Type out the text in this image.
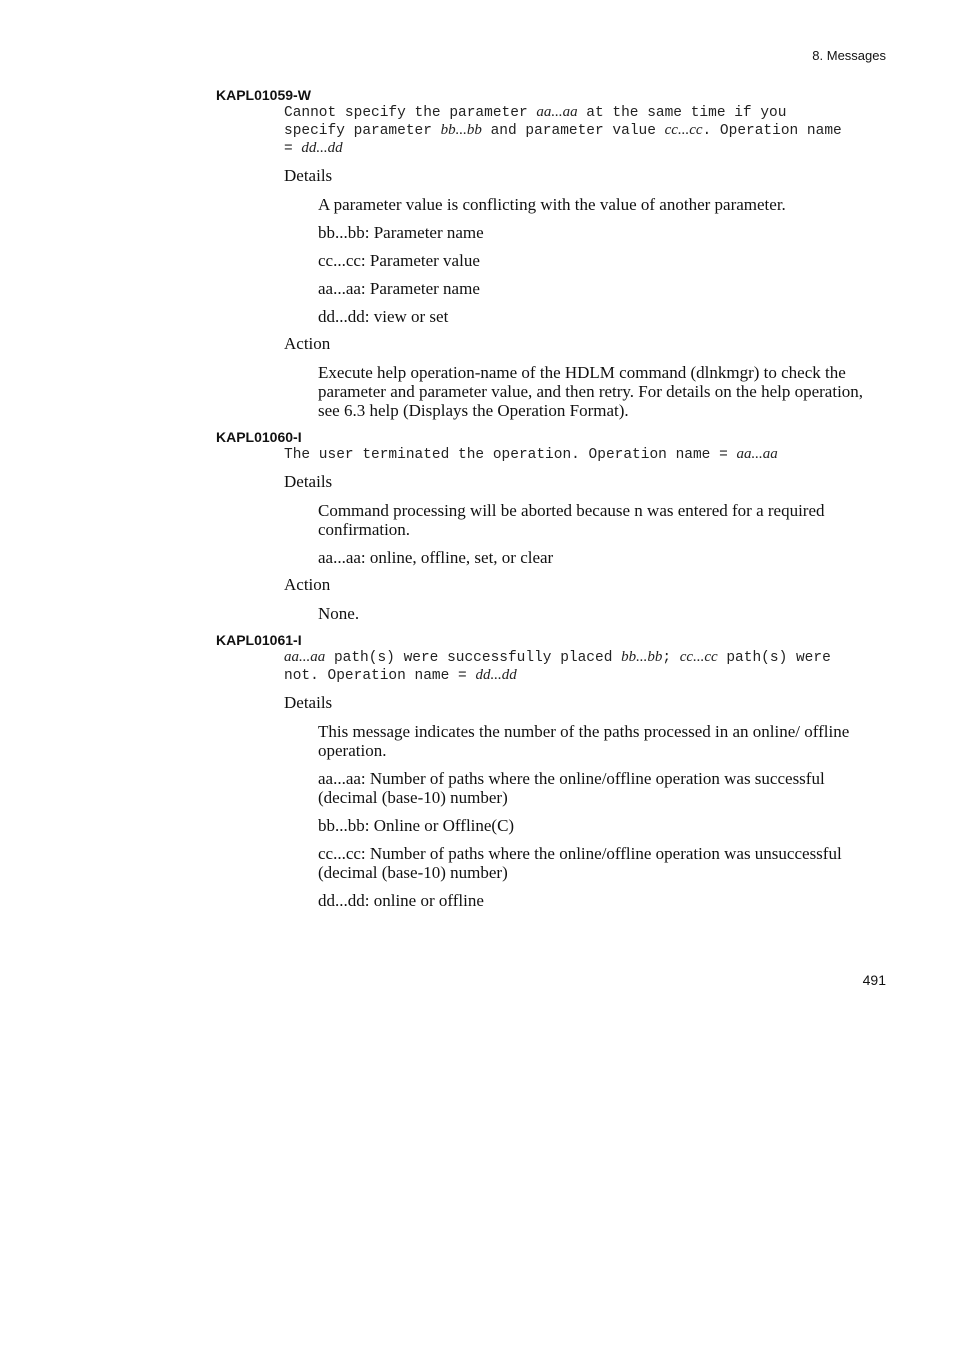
8. Messages
KAPL01059-W
Cannot specify the parameter aa...aa at the same time if you
specify parameter bb...bb and parameter value cc...cc. Operation name
= dd...dd
Details
A parameter value is conflicting with the value of another parameter.
bb...bb: Parameter name
cc...cc: Parameter value
aa...aa: Parameter name
dd...dd: view or set
Action
Execute help operation-name of the HDLM command (dlnkmgr) to check the parameter and parameter value, and then retry. For details on the help operation, see 6.3 help (Displays the Operation Format).
KAPL01060-I
The user terminated the operation. Operation name = aa...aa
Details
Command processing will be aborted because n was entered for a required confirmation.
aa...aa: online, offline, set, or clear
Action
None.
KAPL01061-I
aa...aa path(s) were successfully placed bb...bb; cc...cc path(s) were
not. Operation name = dd...dd
Details
This message indicates the number of the paths processed in an online/ offline operation.
aa...aa: Number of paths where the online/offline operation was successful (decimal (base-10) number)
bb...bb: Online or Offline(C)
cc...cc: Number of paths where the online/offline operation was unsuccessful (decimal (base-10) number)
dd...dd: online or offline
491
